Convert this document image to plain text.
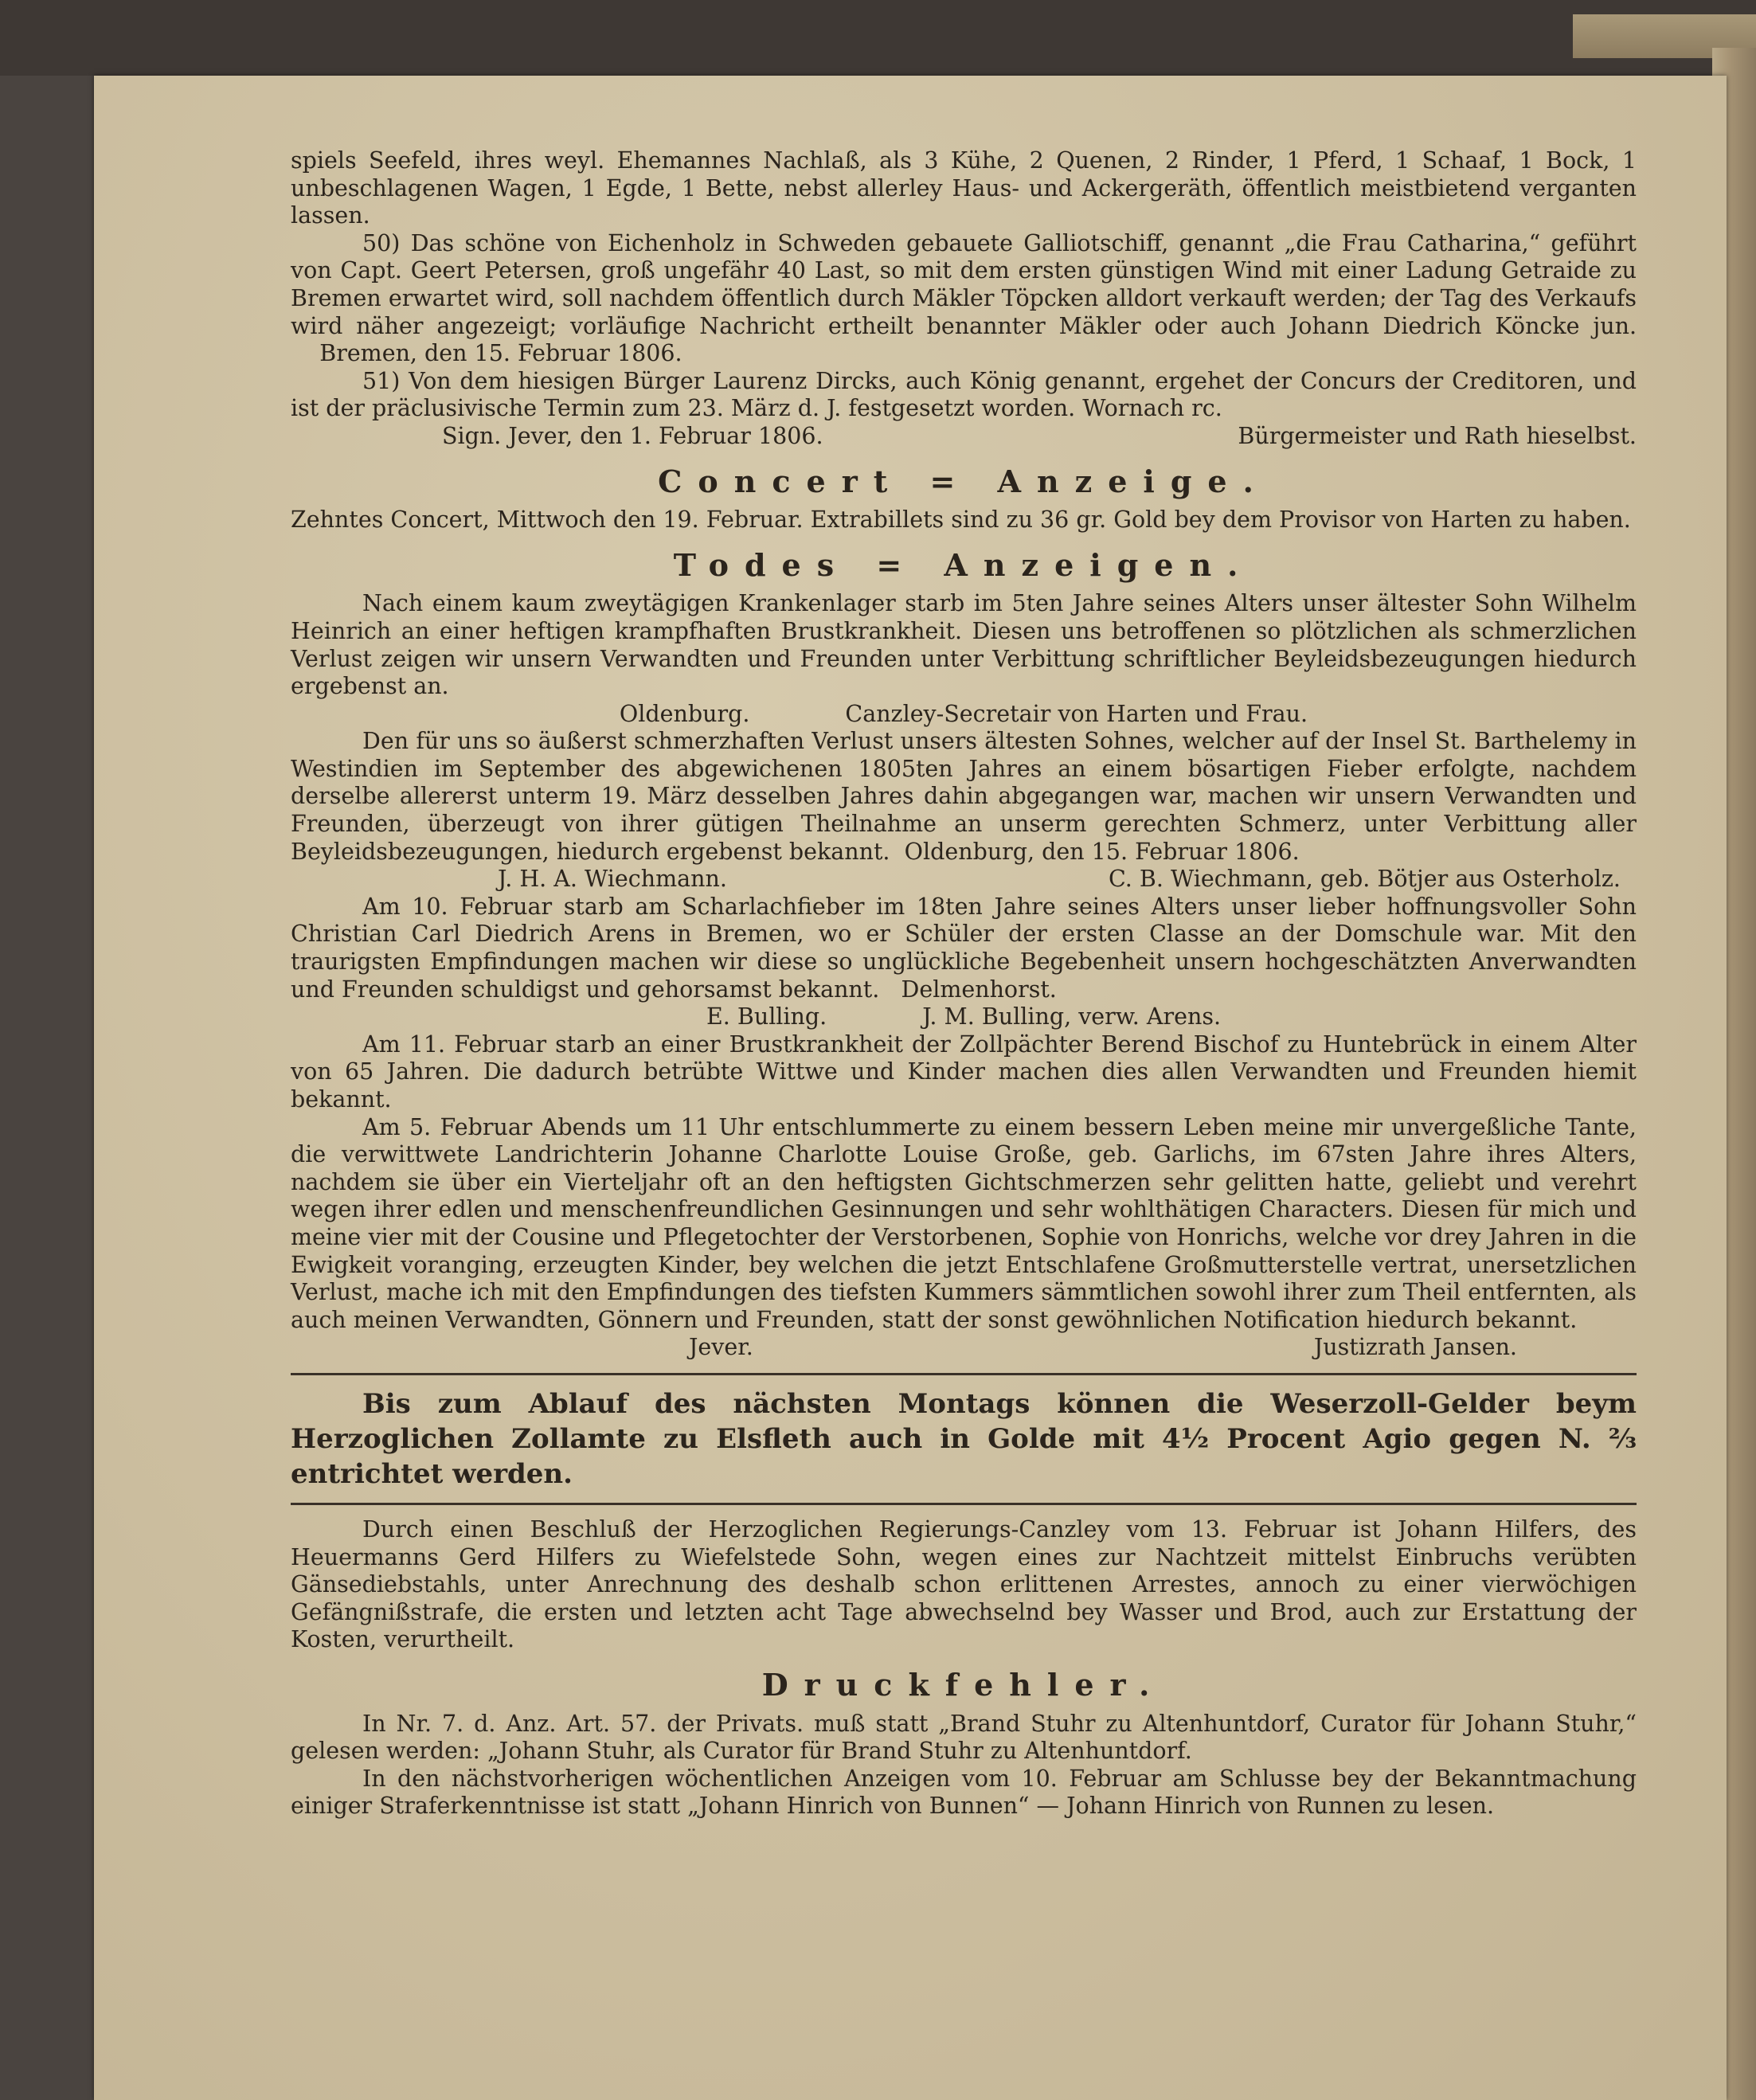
spiels Seefeld, ihres weyl. Ehemannes Nachlaß, als 3 Kühe, 2 Quenen, 2 Rinder, 1 Pferd, 1 Schaaf, 1 Bock, 1 unbeschlagenen Wagen, 1 Egde, 1 Bette, nebst allerley Haus- und Ackergeräth, öffentlich meistbietend verganten lassen.

50) Das schöne von Eichenholz in Schweden gebauete Galliotschiff, genannt „die Frau Catharina,“ geführt von Capt. Geert Petersen, groß ungefähr 40 Last, so mit dem ersten günstigen Wind mit einer Ladung Getraide zu Bremen erwartet wird, soll nachdem öffentlich durch Mäkler Töpcken alldort verkauft werden; der Tag des Verkaufs wird näher angezeigt; vorläufige Nachricht ertheilt benannter Mäkler oder auch Johann Diedrich Köncke jun.     Bremen, den 15. Februar 1806.

51) Von dem hiesigen Bürger Laurenz Dircks, auch König genannt, ergehet der Concurs der Creditoren, und ist der präclusivische Termin zum 23. März d. J. festgesetzt worden. Wornach rc.

Sign. Jever, den 1. Februar 1806.	Bürgermeister und Rath hieselbst.
Concert = Anzeige.

Zehntes Concert, Mittwoch den 19. Februar. Extrabillets sind zu 36 gr. Gold bey dem Provisor von Harten zu haben.

Todes = Anzeigen.

Nach einem kaum zweytägigen Krankenlager starb im 5ten Jahre seines Alters unser ältester Sohn Wilhelm Heinrich an einer heftigen krampfhaften Brustkrankheit. Diesen uns betroffenen so plötzlichen als schmerzlichen Verlust zeigen wir unsern Verwandten und Freunden unter Verbittung schriftlicher Beyleidsbezeugungen hiedurch ergebenst an.

Oldenburg.	Canzley-Secretair von Harten und Frau.

Den für uns so äußerst schmerzhaften Verlust unsers ältesten Sohnes, welcher auf der Insel St. Barthelemy in Westindien im September des abgewichenen 1805ten Jahres an einem bösartigen Fieber erfolgte, nachdem derselbe allererst unterm 19. März desselben Jahres dahin abgegangen war, machen wir unsern Verwandten und Freunden, überzeugt von ihrer gütigen Theilnahme an unserm gerechten Schmerz, unter Verbittung aller Beyleidsbezeugungen, hiedurch ergebenst bekannt. Oldenburg, den 15. Februar 1806.

J. H. A. Wiechmann.	C. B. Wiechmann, geb. Bötjer aus Osterholz.

Am 10. Februar starb am Scharlachfieber im 18ten Jahre seines Alters unser lieber hoffnungsvoller Sohn Christian Carl Diedrich Arens in Bremen, wo er Schüler der ersten Classe an der Domschule war. Mit den traurigsten Empfindungen machen wir diese so unglückliche Begebenheit unsern hochgeschätzten Anverwandten und Freunden schuldigst und gehorsamst bekannt. Delmenhorst.

E. Bulling.	J. M. Bulling, verw. Arens.

Am 11. Februar starb an einer Brustkrankheit der Zollpächter Berend Bischof zu Huntebrück in einem Alter von 65 Jahren. Die dadurch betrübte Wittwe und Kinder machen dies allen Verwandten und Freunden hiemit bekannt.

Am 5. Februar Abends um 11 Uhr entschlummerte zu einem bessern Leben meine mir unvergeßliche Tante, die verwittwete Landrichterin Johanne Charlotte Louise Große, geb. Garlichs, im 67sten Jahre ihres Alters, nachdem sie über ein Vierteljahr oft an den heftigsten Gichtschmerzen sehr gelitten hatte, geliebt und verehrt wegen ihrer edlen und menschenfreundlichen Gesinnungen und sehr wohlthätigen Characters. Diesen für mich und meine vier mit der Cousine und Pflegetochter der Verstorbenen, Sophie von Honrichs, welche vor drey Jahren in die Ewigkeit voranging, erzeugten Kinder, bey welchen die jetzt Entschlafene Großmutterstelle vertrat, unersetzlichen Verlust, mache ich mit den Empfindungen des tiefsten Kummers sämmtlichen sowohl ihrer zum Theil entfernten, als auch meinen Verwandten, Gönnern und Freunden, statt der sonst gewöhnlichen Notification hiedurch bekannt.

Jever.	Justizrath Jansen.

Bis zum Ablauf des nächsten Montags können die Weserzoll-Gelder beym Herzoglichen Zollamte zu Elsfleth auch in Golde mit 4½ Procent Agio gegen N. ⅔ entrichtet werden.

Durch einen Beschluß der Herzoglichen Regierungs-Canzley vom 13. Februar ist Johann Hilfers, des Heuermanns Gerd Hilfers zu Wiefelstede Sohn, wegen eines zur Nachtzeit mittelst Einbruchs verübten Gänsediebstahls, unter Anrechnung des deshalb schon erlittenen Arrestes, annoch zu einer vierwöchigen Gefängnißstrafe, die ersten und letzten acht Tage abwechselnd bey Wasser und Brod, auch zur Erstattung der Kosten, verurtheilt.

Druckfehler.

In Nr. 7. d. Anz. Art. 57. der Privats. muß statt „Brand Stuhr zu Altenhuntdorf, Curator für Johann Stuhr,“ gelesen werden: „Johann Stuhr, als Curator für Brand Stuhr zu Altenhuntdorf.

In den nächstvorherigen wöchentlichen Anzeigen vom 10. Februar am Schlusse bey der Bekanntmachung einiger Straferkenntnisse ist statt „Johann Hinrich von Bunnen“ — Johann Hinrich von Runnen zu lesen.
